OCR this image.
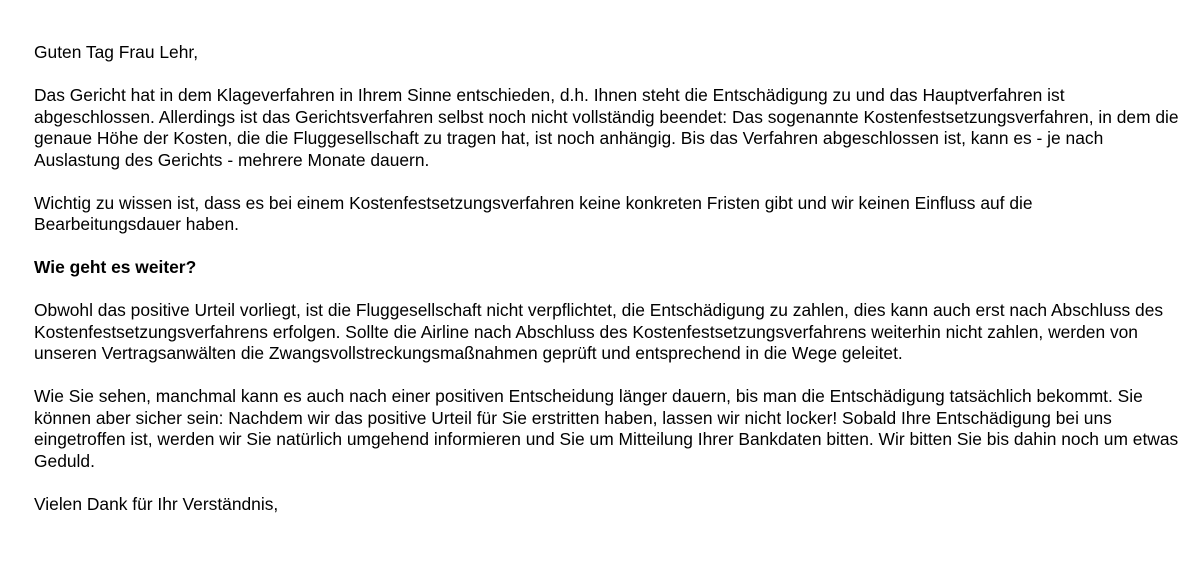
Guten Tag Frau Lehr,

Das Gericht hat in dem Klageverfahren in Ihrem Sinne entschieden, d.h. Ihnen steht die Entschädigung zu und das Hauptverfahren ist abgeschlossen. Allerdings ist das Gerichtsverfahren selbst noch nicht vollständig beendet: Das sogenannte Kostenfestsetzungsverfahren, in dem die genaue Höhe der Kosten, die die Fluggesellschaft zu tragen hat, ist noch anhängig. Bis das Verfahren abgeschlossen ist, kann es - je nach Auslastung des Gerichts - mehrere Monate dauern.

Wichtig zu wissen ist, dass es bei einem Kostenfestsetzungsverfahren keine konkreten Fristen gibt und wir keinen Einfluss auf die Bearbeitungsdauer haben.

Wie geht es weiter?

Obwohl das positive Urteil vorliegt, ist die Fluggesellschaft nicht verpflichtet, die Entschädigung zu zahlen, dies kann auch erst nach Abschluss des Kostenfestsetzungsverfahrens erfolgen. Sollte die Airline nach Abschluss des Kostenfestsetzungsverfahrens weiterhin nicht zahlen, werden von unseren Vertragsanwälten die Zwangsvollstreckungsmaßnahmen geprüft und entsprechend in die Wege geleitet.

Wie Sie sehen, manchmal kann es auch nach einer positiven Entscheidung länger dauern, bis man die Entschädigung tatsächlich bekommt. Sie können aber sicher sein: Nachdem wir das positive Urteil für Sie erstritten haben, lassen wir nicht locker! Sobald Ihre Entschädigung bei uns eingetroffen ist, werden wir Sie natürlich umgehend informieren und Sie um Mitteilung Ihrer Bankdaten bitten. Wir bitten Sie bis dahin noch um etwas Geduld.

Vielen Dank für Ihr Verständnis,
